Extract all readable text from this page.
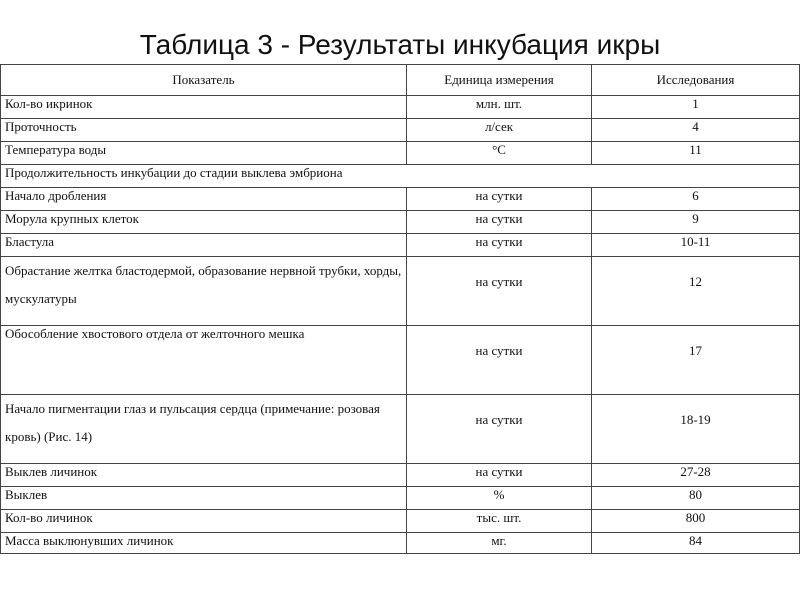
Таблица 3 - Результаты инкубация икры
Показатель	Единица измерения	Исследования
Кол-во икринок	млн. шт.	1
Проточность	л/сек	4
Температура воды	°С	11
Продолжительность инкубации до стадии выклева эмбриона		
Начало дробления	на сутки	6
Морула крупных клеток	на сутки	9
Бластула	на сутки	10-11
Обрастание желтка бластодермой, образование нервной трубки, хорды, мускулатуры	на сутки	12
Обособление хвостового отдела от желточного мешка	на сутки	17
Начало пигментации глаз и пульсация сердца (примечание: розовая кровь) (Рис. 14)	на сутки	18-19
Выклев личинок	на сутки	27-28
Выклев	%	80
Кол-во личинок	тыс. шт.	800
Масса выклюнувших личинок	мг.	84
